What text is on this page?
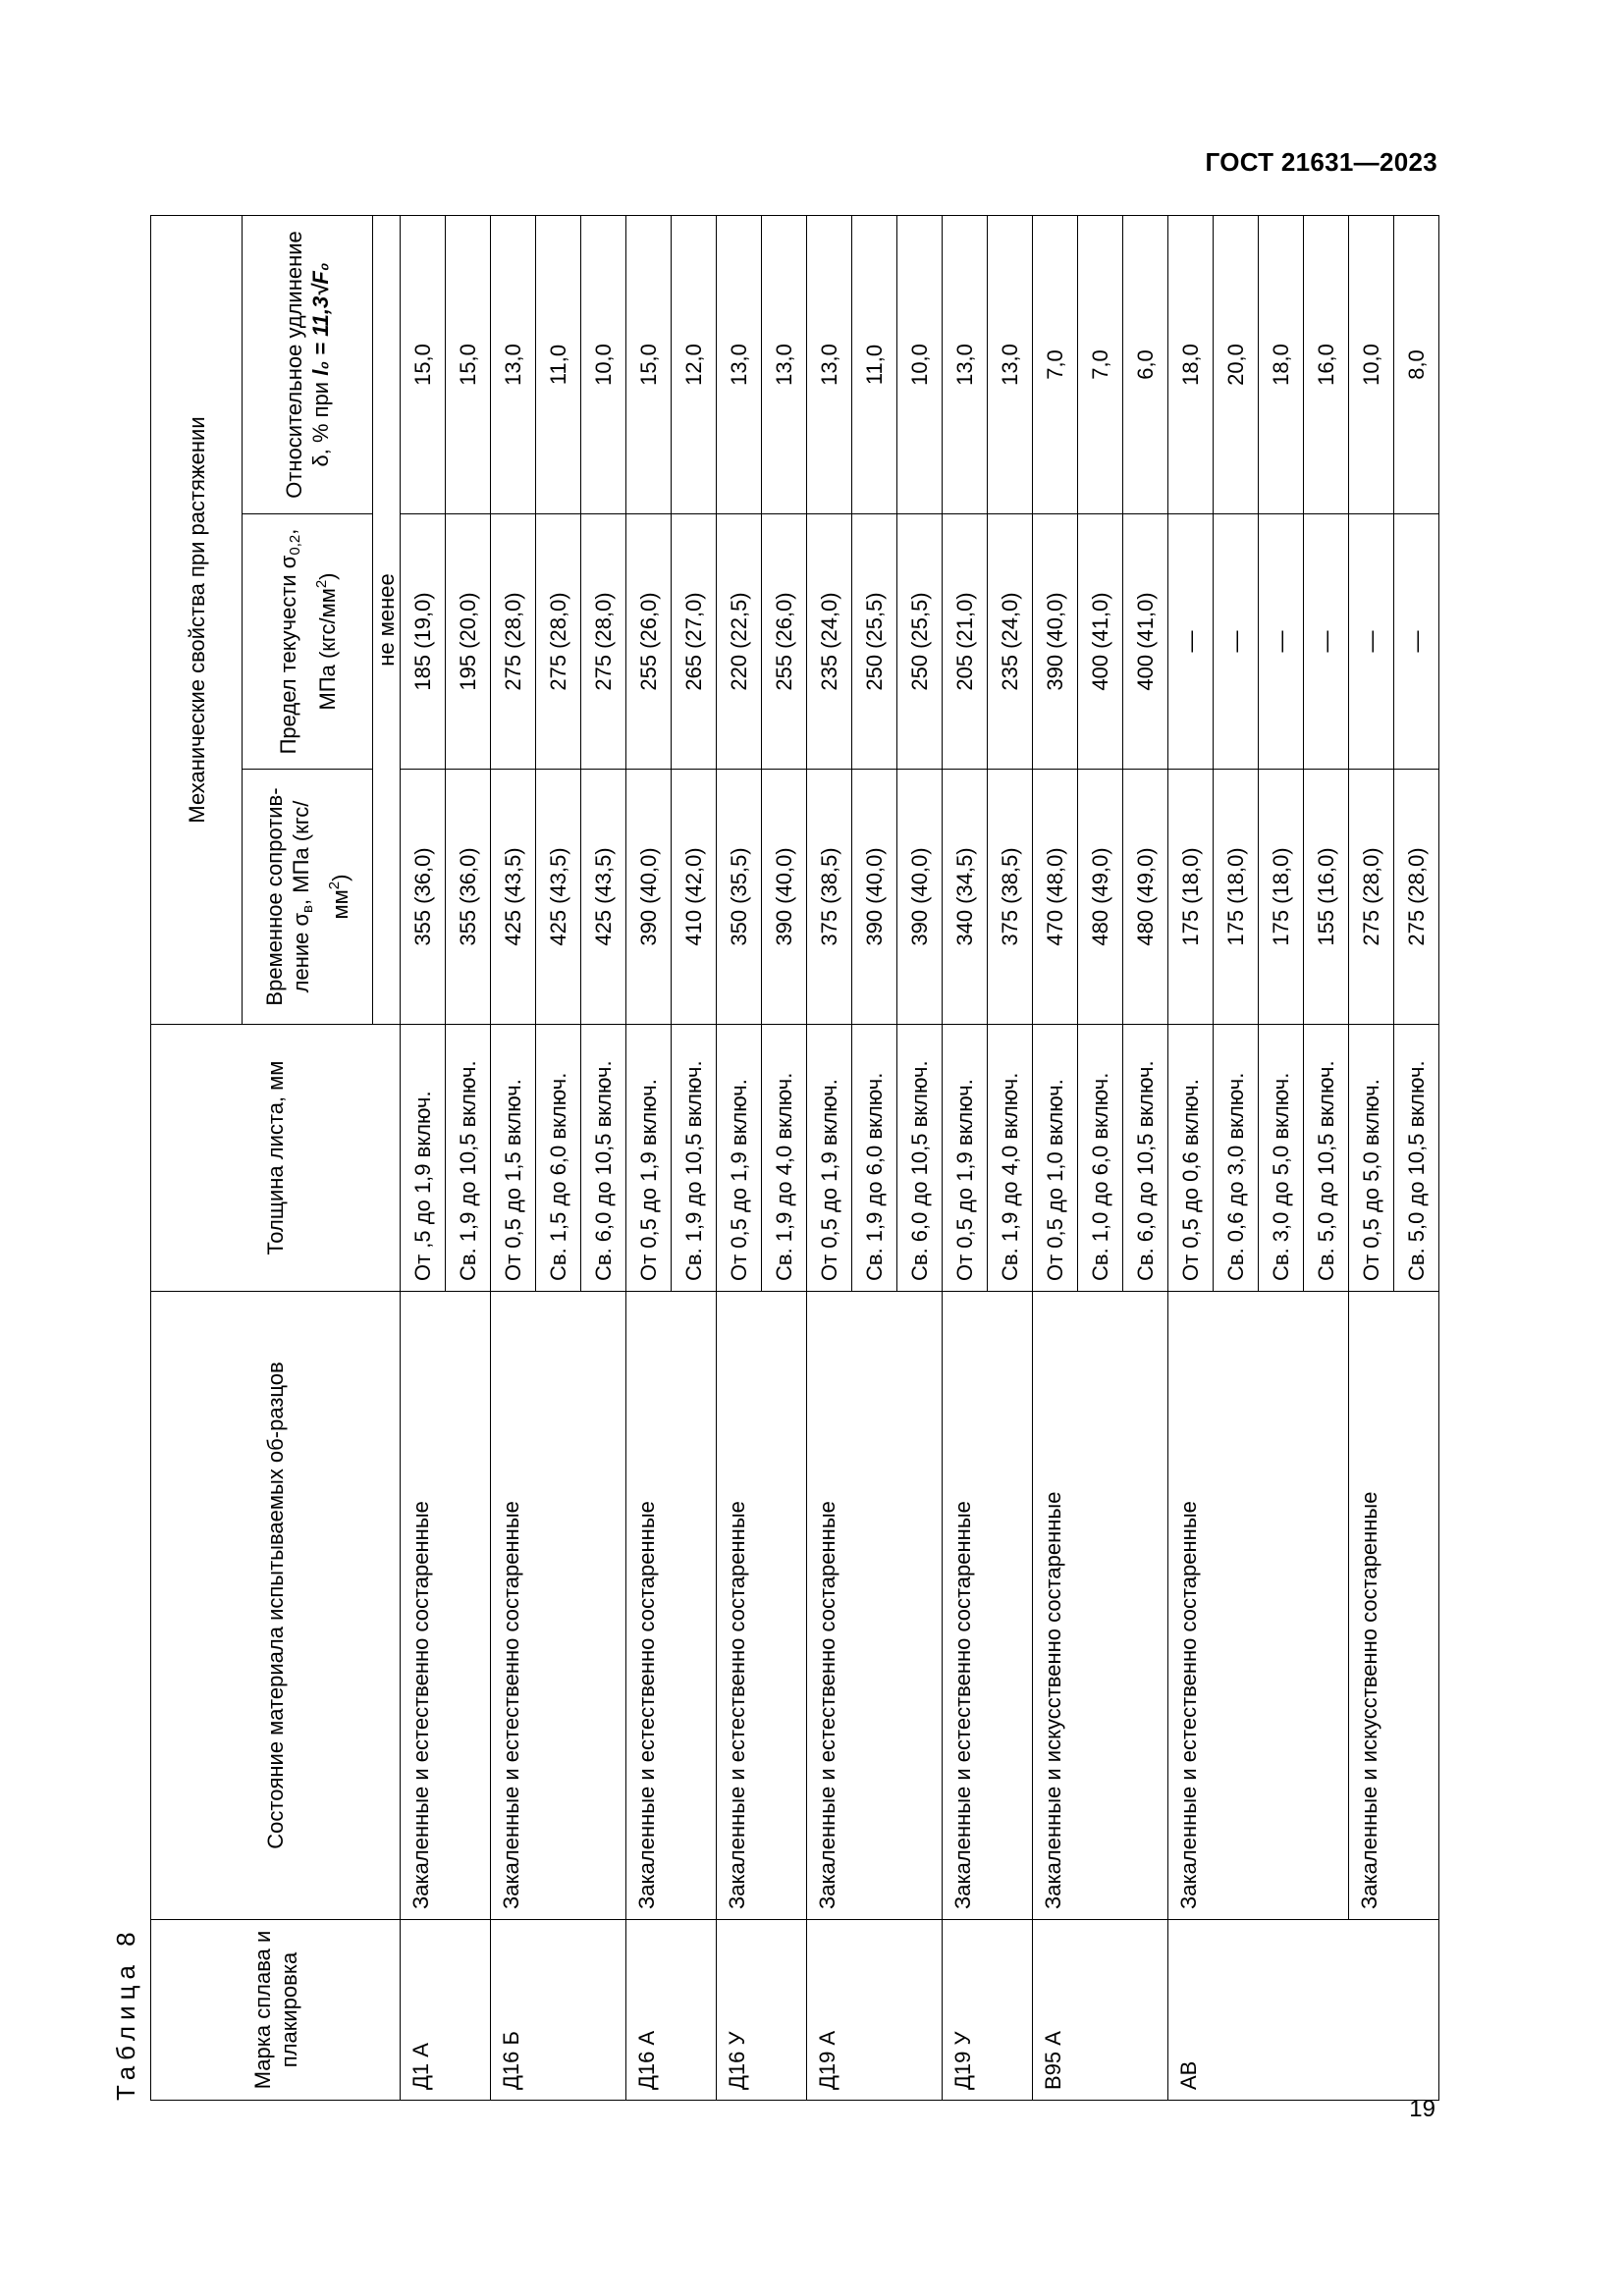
ГОСТ 21631—2023
19
Таблица 8	Марка сплава и плакировка	Состояние материала испытываемых об-разцов	Толщина листа, мм	Механические свойства при растяжении		
			Временное сопротив-ление $\sigma_в$, МПа $(кгс/мм^2)$	Предел текучести $\sigma_{0,2}$, МПа $(кгс/мм^2)$	Относительное удлинение δ, % при l₀ = 11,3√F₀
			не менее		
Д1 А	Закаленные и естественно состаренные	От ,5 до 1,9 включ.	355 (36,0)	185 (19,0)	15,0
		Св. 1,9 до 10,5 включ.	355 (36,0)	195 (20,0)	15,0
Д16 Б	Закаленные и естественно состаренные	От 0,5 до 1,5 включ.	425 (43,5)	275 (28,0)	13,0
		Св. 1,5 до 6,0 включ.	425 (43,5)	275 (28,0)	11,0
		Св. 6,0 до 10,5 включ.	425 (43,5)	275 (28,0)	10,0
Д16 А	Закаленные и естественно состаренные	От 0,5 до 1,9 включ.	390 (40,0)	255 (26,0)	15,0
		Св. 1,9 до 10,5 включ.	410 (42,0)	265 (27,0)	12,0
Д16 У	Закаленные и естественно состаренные	От 0,5 до 1,9 включ.	350 (35,5)	220 (22,5)	13,0
		Св. 1,9 до 4,0 включ.	390 (40,0)	255 (26,0)	13,0
Д19 А	Закаленные и естественно состаренные	От 0,5 до 1,9 включ.	375 (38,5)	235 (24,0)	13,0
		Св. 1,9 до 6,0 включ.	390 (40,0)	250 (25,5)	11,0
		Св. 6,0 до 10,5 включ.	390 (40,0)	250 (25,5)	10,0
Д19 У	Закаленные и естественно состаренные	От 0,5 до 1,9 включ.	340 (34,5)	205 (21,0)	13,0
		Св. 1,9 до 4,0 включ.	375 (38,5)	235 (24,0)	13,0
В95 А	Закаленные и искусственно состаренные	От 0,5 до 1,0 включ.	470 (48,0)	390 (40,0)	7,0
		Св. 1,0 до 6,0 включ.	480 (49,0)	400 (41,0)	7,0
		Св. 6,0 до 10,5 включ.	480 (49,0)	400 (41,0)	6,0
АВ	Закаленные и естественно состаренные	От 0,5 до 0,6 включ.	175 (18,0)	—	18,0
		Св. 0,6 до 3,0 включ.	175 (18,0)	—	20,0
		Св. 3,0 до 5,0 включ.	175 (18,0)	—	18,0
		Св. 5,0 до 10,5 включ.	155 (16,0)	—	16,0
	Закаленные и искусственно состаренные	От 0,5 до 5,0 включ.	275 (28,0)	—	10,0
		Св. 5,0 до 10,5 включ.	275 (28,0)	—	8,0
